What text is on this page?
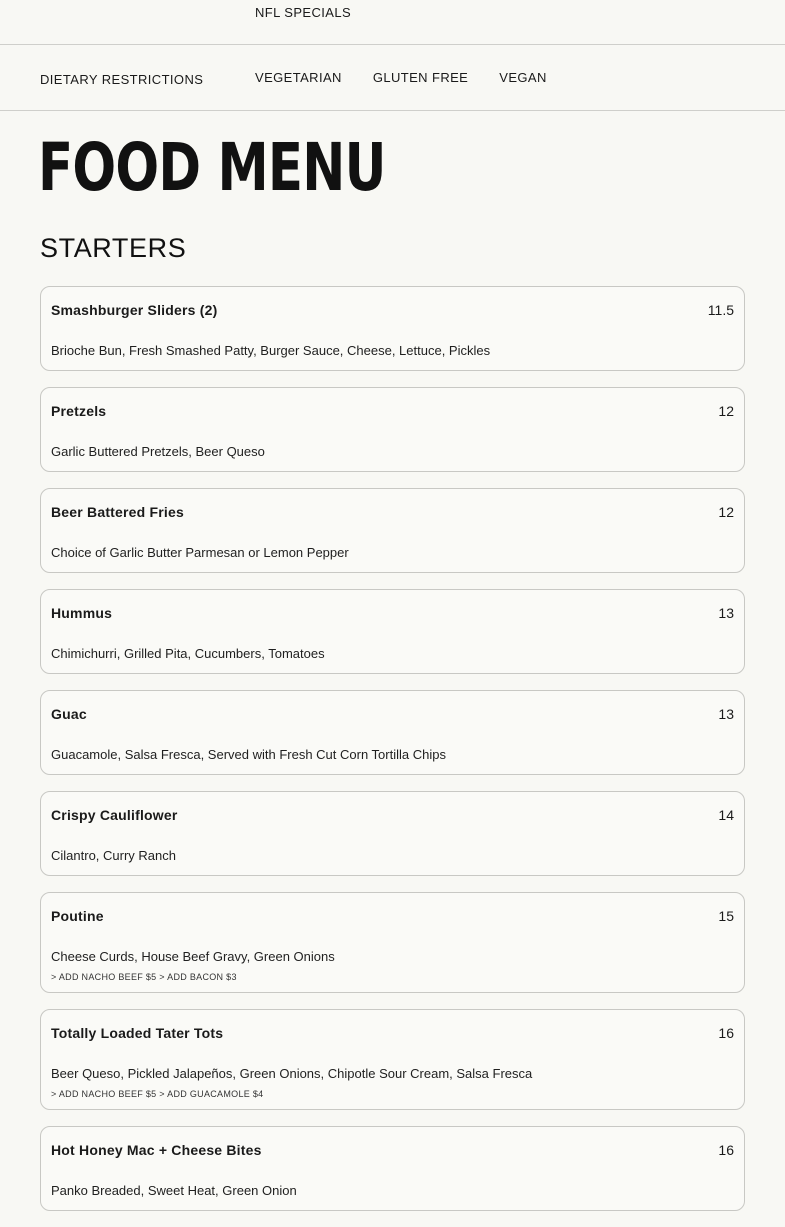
NFL SPECIALS
DIETARY RESTRICTIONS	VEGETARIAN GLUTEN FREE VEGAN
FOOD MENU
STARTERS
Smashburger Sliders (2)	11.5
Brioche Bun, Fresh Smashed Patty, Burger Sauce, Cheese, Lettuce, Pickles
Pretzels	12
Garlic Buttered Pretzels, Beer Queso
Beer Battered Fries	12
Choice of Garlic Butter Parmesan or Lemon Pepper
Hummus	13
Chimichurri, Grilled Pita, Cucumbers, Tomatoes
Guac	13
Guacamole, Salsa Fresca, Served with Fresh Cut Corn Tortilla Chips
Crispy Cauliflower	14
Cilantro, Curry Ranch
Poutine	15
Cheese Curds, House Beef Gravy, Green Onions
> ADD NACHO BEEF $5 > ADD BACON $3
Totally Loaded Tater Tots	16
Beer Queso, Pickled Jalapeños, Green Onions, Chipotle Sour Cream, Salsa Fresca
> ADD NACHO BEEF $5 > ADD GUACAMOLE $4
Hot Honey Mac + Cheese Bites	16
Panko Breaded, Sweet Heat, Green Onion
